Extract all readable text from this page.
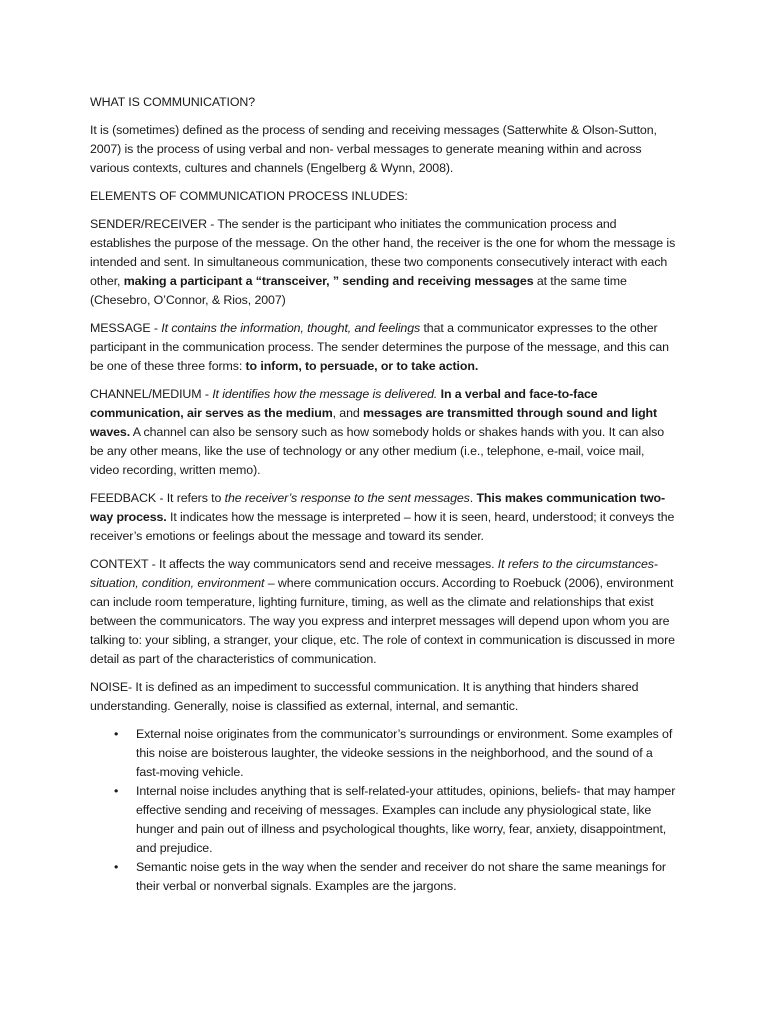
WHAT IS COMMUNICATION?

It is (sometimes) defined as the process of sending and receiving messages (Satterwhite & Olson-Sutton, 2007) is the process of using verbal and non- verbal messages to generate meaning within and across various contexts, cultures and channels (Engelberg & Wynn, 2008).

ELEMENTS OF COMMUNICATION PROCESS INLUDES:

SENDER/RECEIVER - The sender is the participant who initiates the communication process and establishes the purpose of the message. On the other hand, the receiver is the one for whom the message is intended and sent. In simultaneous communication, these two components consecutively interact with each other, making a participant a “transceiver, ” sending and receiving messages at the same time (Chesebro, O’Connor, & Rios, 2007)

MESSAGE - It contains the information, thought, and feelings that a communicator expresses to the other participant in the communication process. The sender determines the purpose of the message, and this can be one of these three forms: to inform, to persuade, or to take action.

CHANNEL/MEDIUM - It identifies how the message is delivered. In a verbal and face-to-face communication, air serves as the medium, and messages are transmitted through sound and light waves. A channel can also be sensory such as how somebody holds or shakes hands with you. It can also be any other means, like the use of technology or any other medium (i.e., telephone, e-mail, voice mail, video recording, written memo).

FEEDBACK - It refers to the receiver’s response to the sent messages. This makes communication two-way process. It indicates how the message is interpreted – how it is seen, heard, understood; it conveys the receiver’s emotions or feelings about the message and toward its sender.

CONTEXT - It affects the way communicators send and receive messages. It refers to the circumstances-situation, condition, environment – where communication occurs. According to Roebuck (2006), environment can include room temperature, lighting furniture, timing, as well as the climate and relationships that exist between the communicators. The way you express and interpret messages will depend upon whom you are talking to: your sibling, a stranger, your clique, etc. The role of context in communication is discussed in more detail as part of the characteristics of communication.

NOISE- It is defined as an impediment to successful communication. It is anything that hinders shared understanding. Generally, noise is classified as external, internal, and semantic.

• External noise originates from the communicator’s surroundings or environment. Some examples of this noise are boisterous laughter, the videoke sessions in the neighborhood, and the sound of a fast-moving vehicle.
• Internal noise includes anything that is self-related-your attitudes, opinions, beliefs- that may hamper effective sending and receiving of messages. Examples can include any physiological state, like hunger and pain out of illness and psychological thoughts, like worry, fear, anxiety, disappointment, and prejudice.
• Semantic noise gets in the way when the sender and receiver do not share the same meanings for their verbal or nonverbal signals. Examples are the jargons.
